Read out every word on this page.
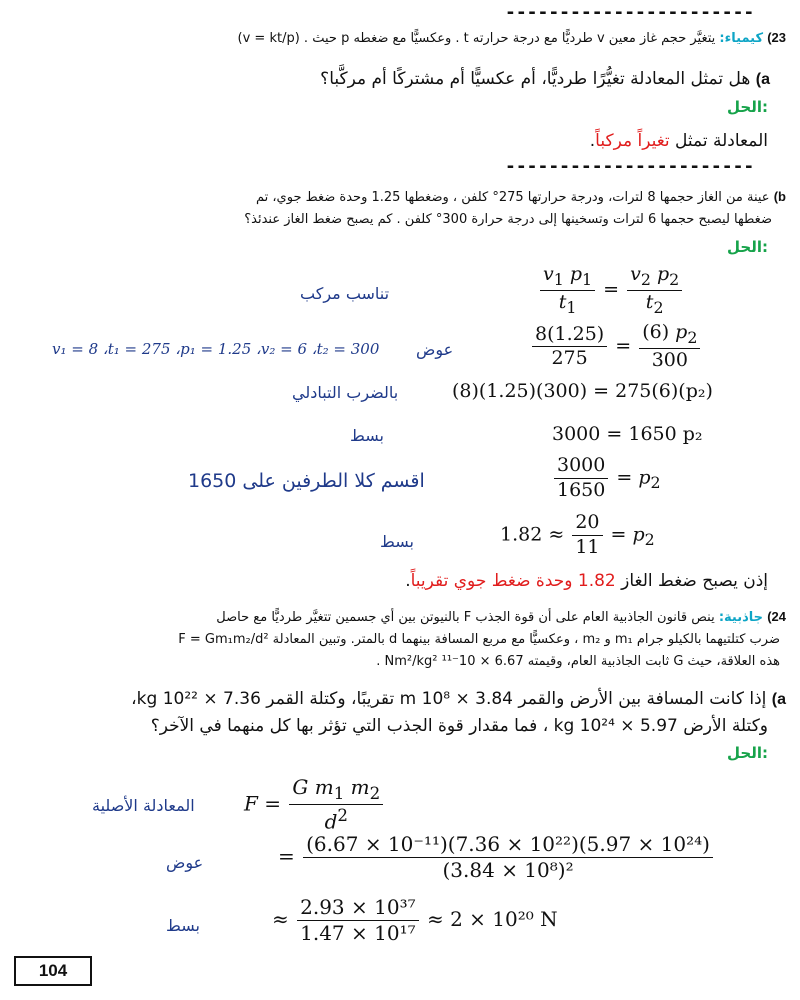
-----------------------
23) كيمياء: يتغيَّر حجم غاز معين v طرديًّا مع درجة حرارته t . وعكسيًّا مع ضغطه p حيث (v = kt/p) .
a) هل تمثل المعادلة تغيُّرًا طرديًّا، أم عكسيًّا أم مشتركًا أم مركَّبا؟
الحل:
المعادلة تمثل تغيراً مركباً.
-----------------------
b) عينة من الغاز حجمها 8 لترات، ودرجة حرارتها 275° كلفن ، وضغطها 1.25 وحدة ضغط جوي، تم
ضغطها ليصبح حجمها 6 لترات وتسخينها إلى درجة حرارة 300° كلفن . كم يصبح ضغط الغاز عندئذ؟
الحل:
تناسب مركب	$\frac{v_1 p_1}{t_1} = \frac{v_2 p_2}{t_2}$
v₁ = 8 ،t₁ = 275 ،p₁ = 1.25 ،v₂ = 6 ،t₂ = 300 عوض	$\frac{8(1.25)}{275} = \frac{(6) p_2}{300}$
بالضرب التبادلي	(8)(1.25)(300) = 275(6)(p₂)
بسط	3000 = 1650 p₂
اقسم كلا الطرفين على 1650	$\frac{3000}{1650} = p_2$
بسط	$1.82 \approx \frac{20}{11} = p_2$
إذن يصبح ضغط الغاز 1.82 وحدة ضغط جوي تقريباً.
24) جاذبية: ينص قانون الجاذبية العام على أن قوة الجذب F بالنيوتن بين أي جسمين تتغيَّر طرديًّا مع حاصل
ضرب كتلتيهما بالكيلو جرام m₁ و m₂ ، وعكسيًّا مع مربع المسافة بينهما d بالمتر. وتبين المعادلة F = Gm₁m₂/d²
هذه العلاقة، حيث G ثابت الجاذبية العام، وقيمته 6.67 × 10⁻¹¹ Nm²/kg² .
a) إذا كانت المسافة بين الأرض والقمر 3.84 × 10⁸ m تقريبًا، وكتلة القمر 7.36 × 10²² kg،
وكتلة الأرض 5.97 × 10²⁴ kg ، فما مقدار قوة الجذب التي تؤثر بها كل منهما في الآخر؟
الحل:
المعادلة الأصلية $F = \frac{G m_1 m_2}{d^2}$
عوض	= $\frac{\text{(6.67 × 10⁻¹¹)(7.36 × 10²²)(5.97 × 10²⁴)}}{\text{(3.84 × 10⁸)²}}$
بسط	≈ $\frac{\text{2.93 × 10³⁷}}{\text{1.47 × 10¹⁷}} \approx 2 \times 10^{20}$ N
104
